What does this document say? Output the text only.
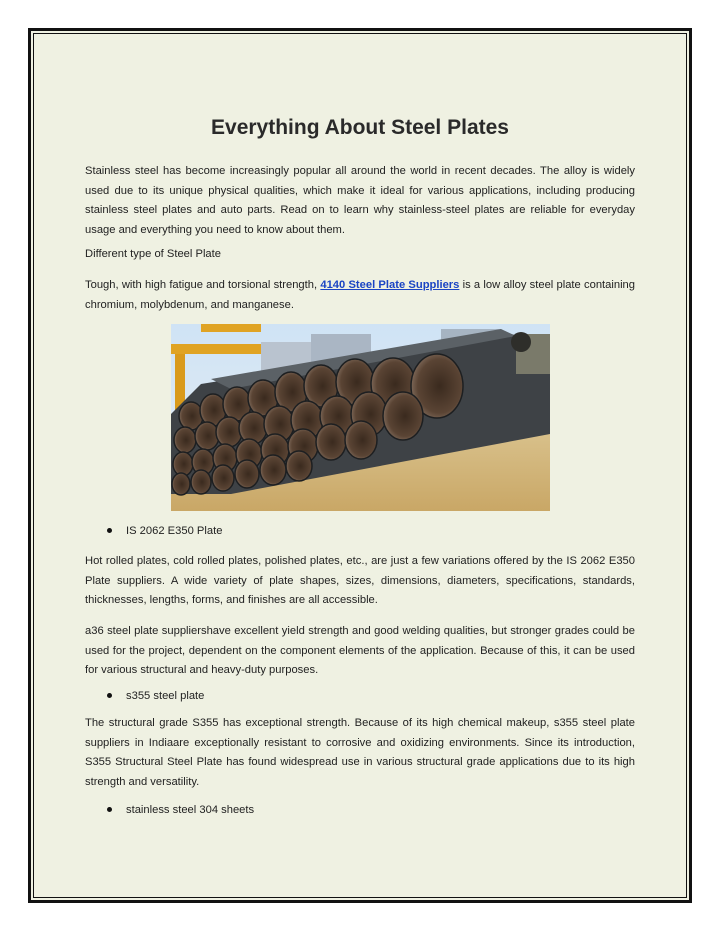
Everything About Steel Plates

Stainless steel has become increasingly popular all around the world in recent decades. The alloy is widely used due to its unique physical qualities, which make it ideal for various applications, including producing stainless steel plates and auto parts. Read on to learn why stainless-steel plates are reliable for everyday usage and everything you need to know about them.

Different type of Steel Plate

Tough, with high fatigue and torsional strength, 4140 Steel Plate Suppliers is a low alloy steel plate containing chromium, molybdenum, and manganese.

IS 2062 E350 Plate

Hot rolled plates, cold rolled plates, polished plates, etc., are just a few variations offered by the IS 2062 E350 Plate suppliers. A wide variety of plate shapes, sizes, dimensions, diameters, specifications, standards, thicknesses, lengths, forms, and finishes are all accessible.

a36 steel plate suppliershave excellent yield strength and good welding qualities, but stronger grades could be used for the project, dependent on the component elements of the application. Because of this, it can be used for various structural and heavy-duty purposes.

s355 steel plate

The structural grade S355 has exceptional strength. Because of its high chemical makeup, s355 steel plate suppliers in Indiaare exceptionally resistant to corrosive and oxidizing environments. Since its introduction, S355 Structural Steel Plate has found widespread use in various structural grade applications due to its high strength and versatility.

stainless steel 304 sheets
